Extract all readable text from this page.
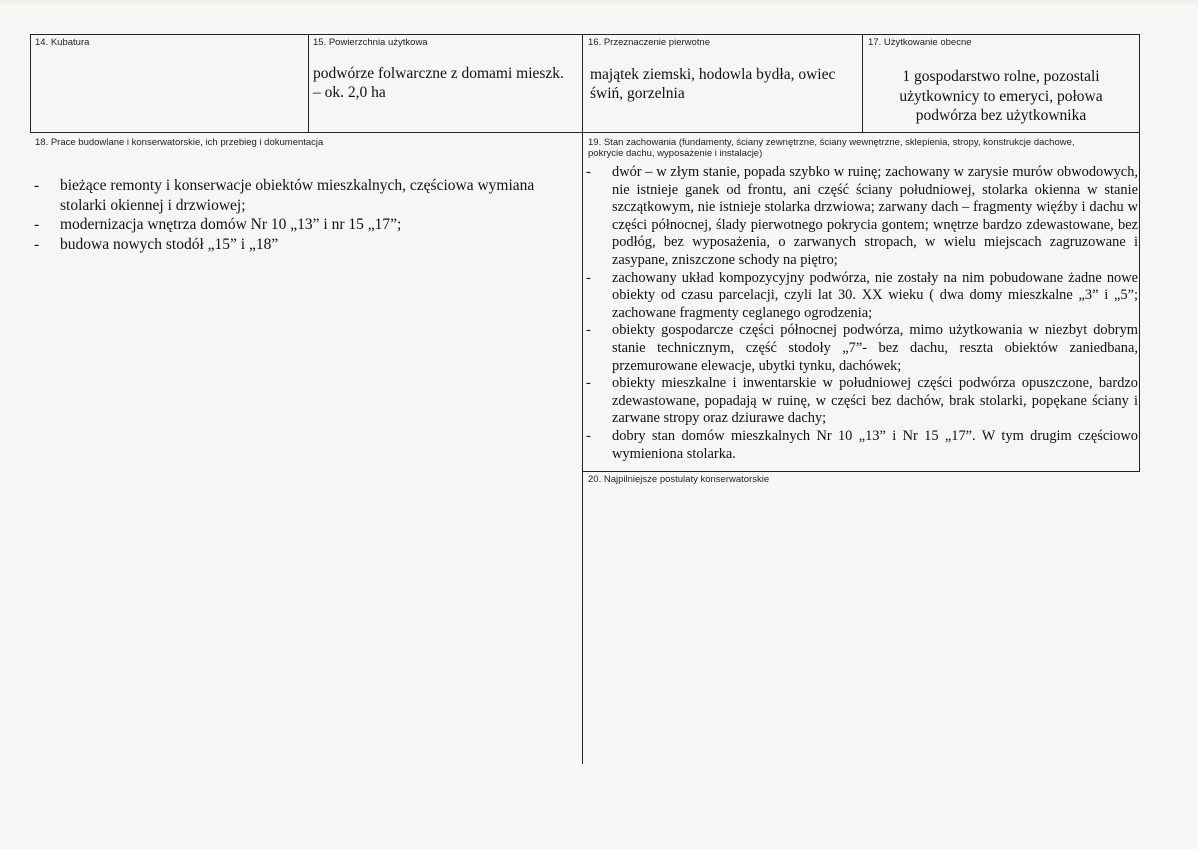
14. Kubatura	15. Powierzchnia użytkowa
podwórze folwarczne z domami mieszk. – ok. 2,0 ha
16. Przeznaczenie pierwotne
majątek ziemski, hodowla bydła, owiec świń, gorzelnia
17. Użytkowanie obecne
1 gospodarstwo rolne, pozostali użytkownicy to emeryci, połowa podwórza bez użytkownika
18. Prace budowlane i konserwatorskie, ich przebieg i dokumentacja
- bieżące remonty i konserwacje obiektów mieszkalnych, częściowa wymiana stolarki okiennej i drzwiowej;
- modernizacja wnętrza domów Nr 10 „13” i nr 15 „17”;
- budowa nowych stodół „15” i „18”
19. Stan zachowania (fundamenty, ściany zewnętrzne, ściany wewnętrzne, sklepienia, stropy, konstrukcje dachowe, pokrycie dachu, wyposażenie i instalacje)
- dwór – w złym stanie, popada szybko w ruinę; zachowany w zarysie murów obwodowych, nie istnieje ganek od frontu, ani część ściany południowej, stolarka okienna w stanie szczątkowym, nie istnieje stolarka drzwiowa; zarwany dach – fragmenty więźby i dachu w części północnej, ślady pierwotnego pokrycia gontem; wnętrze bardzo zdewastowane, bez podłóg, bez wyposażenia, o zarwanych stropach, w wielu miejscach zagruzowane i zasypane, zniszczone schody na piętro;
- zachowany układ kompozycyjny podwórza, nie zostały na nim pobudowane żadne nowe obiekty od czasu parcelacji, czyli lat 30. XX wieku ( dwa domy mieszkalne „3” i „5”; zachowane fragmenty ceglanego ogrodzenia;
- obiekty gospodarcze części północnej podwórza, mimo użytkowania w niezbyt dobrym stanie technicznym, część stodoły „7”- bez dachu, reszta obiektów zaniedbana, przemurowane elewacje, ubytki tynku, dachówek;
- obiekty mieszkalne i inwentarskie w południowej części podwórza opuszczone, bardzo zdewastowane, popadają w ruinę, w części bez dachów, brak stolarki, popękane ściany i zarwane stropy oraz dziurawe dachy;
- dobry stan domów mieszkalnych Nr 10 „13” i Nr 15 „17”. W tym drugim częściowo wymieniona stolarka.
20. Najpilniejsze postulaty konserwatorskie
